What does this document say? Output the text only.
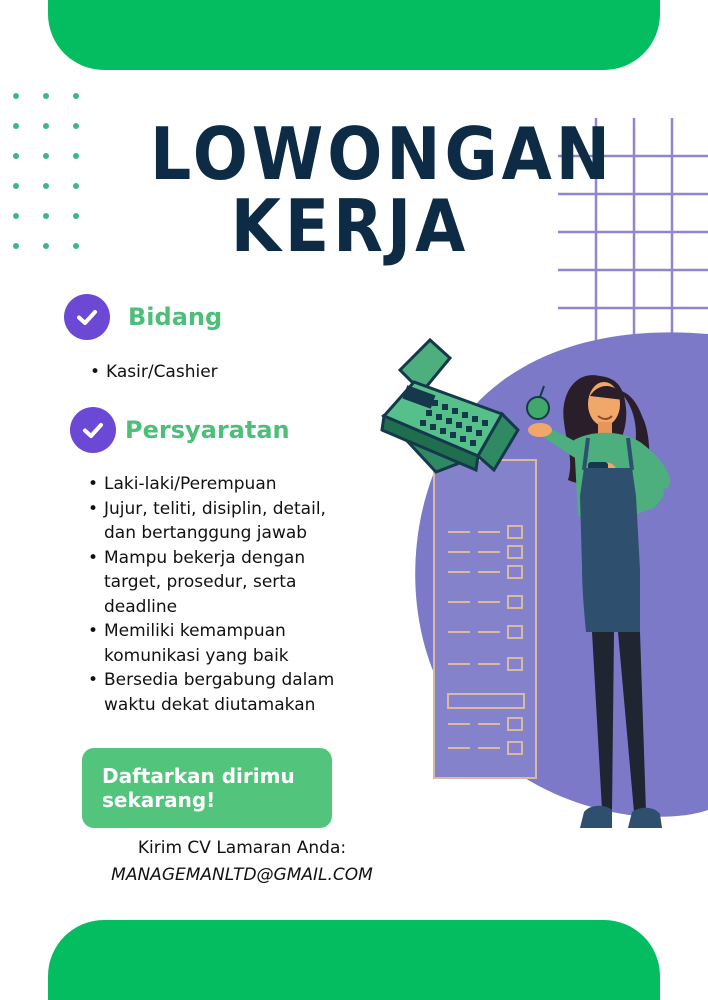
LOWONGAN
KERJA
Bidang
• Kasir/Cashier
Persyaratan
• Laki-laki/Perempuan
• Jujur, teliti, disiplin, detail, dan bertanggung jawab
• Mampu bekerja dengan target, prosedur, serta deadline
• Memiliki kemampuan komunikasi yang baik
• Bersedia bergabung dalam waktu dekat diutamakan
Daftarkan dirimu
sekarang!

Kirim CV Lamaran Anda:

MANAGEMANLTD@GMAIL.COM
